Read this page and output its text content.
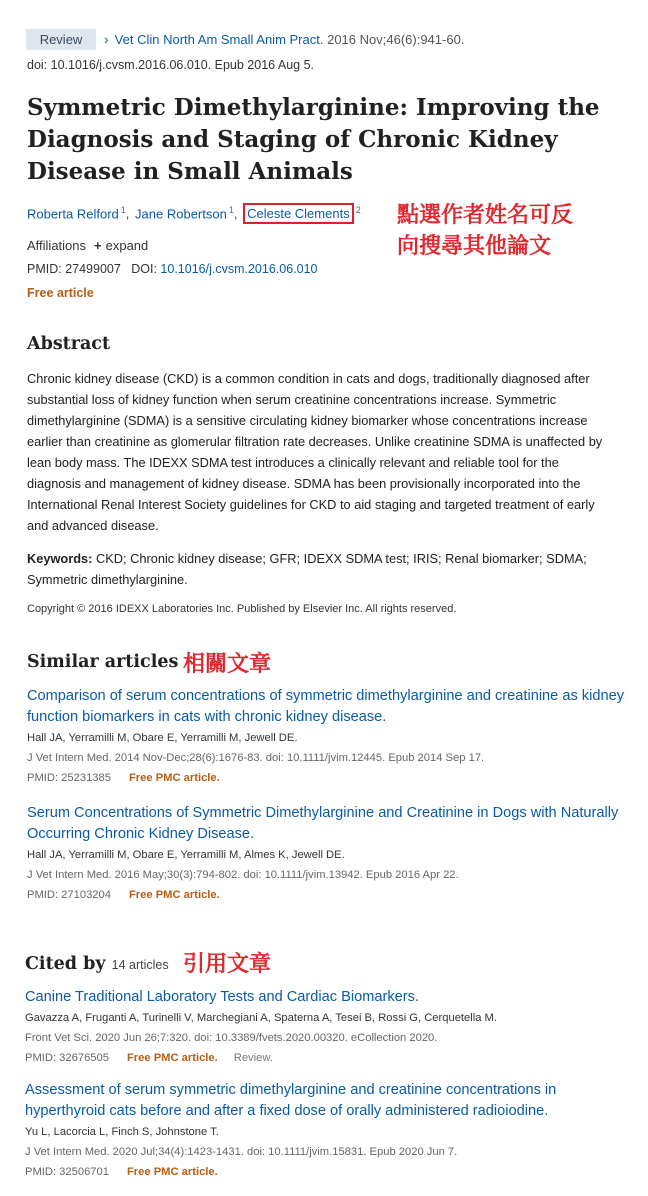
Review	› Vet Clin North Am Small Anim Pract. 2016 Nov;46(6):941-60.
doi: 10.1016/j.cvsm.2016.06.010. Epub 2016 Aug 5.
Symmetric Dimethylarginine: Improving the Diagnosis and Staging of Chronic Kidney Disease in Small Animals
Roberta Relford $^1$, Jane Robertson $^1$, Celeste Clements $^2$ 點選作者姓名可反
向搜尋其他論文
Affiliations + expand
PMID: 27499007 DOI: 10.1016/j.cvsm.2016.06.010
Free article
Abstract
Chronic kidney disease (CKD) is a common condition in cats and dogs, traditionally diagnosed after
substantial loss of kidney function when serum creatinine concentrations increase. Symmetric
dimethylarginine (SDMA) is a sensitive circulating kidney biomarker whose concentrations increase
earlier than creatinine as glomerular filtration rate decreases. Unlike creatinine SDMA is unaffected by
lean body mass. The IDEXX SDMA test introduces a clinically relevant and reliable tool for the
diagnosis and management of kidney disease. SDMA has been provisionally incorporated into the
International Renal Interest Society guidelines for CKD to aid staging and targeted treatment of early
and advanced disease.

Keywords: CKD; Chronic kidney disease; GFR; IDEXX SDMA test; IRIS; Renal biomarker; SDMA; Symmetric dimethylarginine.

Copyright © 2016 IDEXX Laboratories Inc. Published by Elsevier Inc. All rights reserved.
Similar articles 相關文章
Comparison of serum concentrations of symmetric dimethylarginine and creatinine as kidney function biomarkers in cats with chronic kidney disease.
Hall JA, Yerramilli M, Obare E, Yerramilli M, Jewell DE.
J Vet Intern Med. 2014 Nov-Dec;28(6):1676-83. doi: 10.1111/jvim.12445. Epub 2014 Sep 17.
PMID: 25231385 Free PMC article.
Serum Concentrations of Symmetric Dimethylarginine and Creatinine in Dogs with Naturally Occurring Chronic Kidney Disease.
Hall JA, Yerramilli M, Obare E, Yerramilli M, Almes K, Jewell DE.
J Vet Intern Med. 2016 May;30(3):794-802. doi: 10.1111/jvim.13942. Epub 2016 Apr 22.
PMID: 27103204 Free PMC article.
Cited by 14 articles 引用文章
Canine Traditional Laboratory Tests and Cardiac Biomarkers.
Gavazza A, Fruganti A, Turinelli V, Marchegiani A, Spaterna A, Tesei B, Rossi G, Cerquetella M.
Front Vet Sci. 2020 Jun 26;7:320. doi: 10.3389/fvets.2020.00320. eCollection 2020.
PMID: 32676505 Free PMC article. Review.
Assessment of serum symmetric dimethylarginine and creatinine concentrations in hyperthyroid cats before and after a fixed dose of orally administered radioiodine.
Yu L, Lacorcia L, Finch S, Johnstone T.
J Vet Intern Med. 2020 Jul;34(4):1423-1431. doi: 10.1111/jvim.15831. Epub 2020 Jun 7.
PMID: 32506701 Free PMC article.
